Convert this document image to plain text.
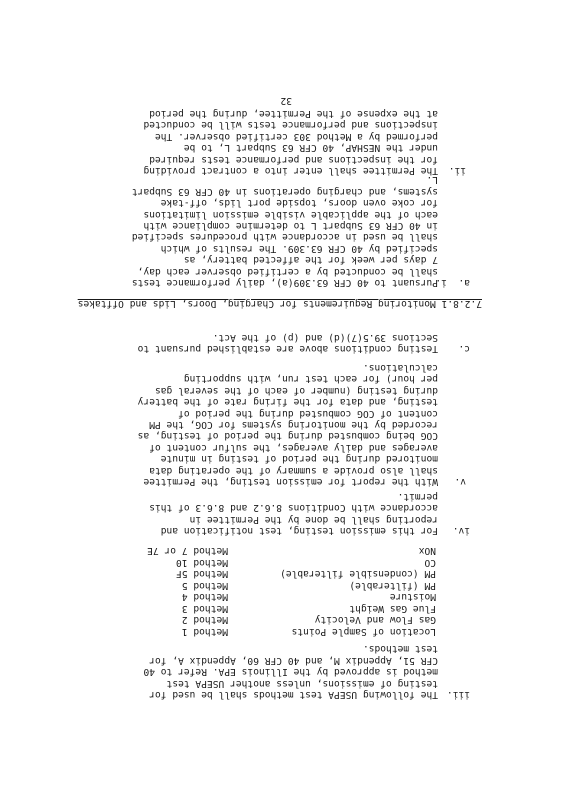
iii.
The following USEPA test methods shall be used for
testing of emissions, unless another USEPA test
method is approved by the Illinois EPA. Refer to 40
CFR 51, Appendix M, and 40 CFR 60, Appendix A, for
test methods.
Location of Sample Points
Method 1
Gas Flow and Velocity
Method 2
Flue Gas Weight
Method 3
Moisture
Method 4
PM (filterable)
Method 5
PM (condensible filterable)
Method 5F
CO
Method 10
NOx
Method 7 or 7E
iv.
For this emission testing, test notification and
reporting shall be done by the Permittee in
accordance with Conditions 8.6.2 and 8.6.3 of this
permit.
v.
With the report for emission testing, the Permittee
shall also provide a summary of the operating data
monitored during the period of testing in minute
averages and daily averages, the sulfur content of
COG being combusted during the period of testing, as
recorded by the monitoring systems for COG, the PM
content of COG combusted during the period of
testing, and data for the firing rate of the battery
during testing (number of each of the several gas
per hour) for each test run, with supporting
calculations.
c.
Testing conditions above are established pursuant to
Sections 39.5(7)(d) and (p) of the Act.
7.2.8.1 Monitoring Requirements for Charging, Doors, Lids and Offtakes
a.  i.
Pursuant to 40 CFR 63.309(a), daily performance tests
shall be conducted by a certified observer each day,
7 days per week for the affected battery, as
specified by 40 CFR 63.309. The results of which
shall be used in accordance with procedures specified
in 40 CFR 63 Subpart L to determine compliance with
each of the applicable visible emission limitations
for coke oven doors, topside port lids, off-take
systems, and charging operations in 40 CFR 63 Subpart
L.
ii.
The Permittee shall enter into a contract providing
for the inspections and performance tests required
under the NESHAP, 40 CFR 63 Subpart L, to be
performed by a Method 303 certified observer. The
inspections and performance tests will be conducted
at the expense of the Permittee, during the period
32
